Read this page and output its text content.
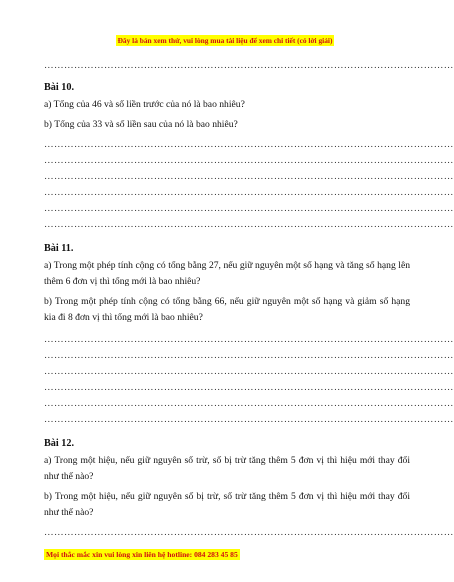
Đây là bản xem thử, vui lòng mua tài liệu để xem chi tiết (có lời giải)
……………………………………………………………………………………………………………
Bài 10.
a) Tổng của 46 và số liền trước của nó là bao nhiêu?
b) Tổng của 33 và số liền sau của nó là bao nhiêu?
……………………………………………………………………………………………………………
……………………………………………………………………………………………………………
……………………………………………………………………………………………………………
……………………………………………………………………………………………………………
……………………………………………………………………………………………………………
……………………………………………………………………………………………………………
Bài 11.
a) Trong một phép tính cộng có tổng bằng 27, nếu giữ nguyên một số hạng và tăng số hạng lên thêm 6 đơn vị thì tổng mới là bao nhiêu?
b) Trong một phép tính cộng có tổng bằng 66, nếu giữ nguyên một số hạng và giảm số hạng kia đi 8 đơn vị thì tổng mới là bao nhiêu?
……………………………………………………………………………………………………………
……………………………………………………………………………………………………………
……………………………………………………………………………………………………………
……………………………………………………………………………………………………………
……………………………………………………………………………………………………………
……………………………………………………………………………………………………………
Bài 12.
a) Trong một hiệu, nếu giữ nguyên số trừ, số bị trừ tăng thêm 5 đơn vị thì hiệu mới thay đổi như thế nào?
b) Trong một hiệu, nếu giữ nguyên số bị trừ, số trừ tăng thêm 5 đơn vị thì hiệu mới thay đổi như thế nào?
……………………………………………………………………………………………………………
Mọi thắc mắc xin vui lòng xin liên hệ hotline: 084 283 45 85
